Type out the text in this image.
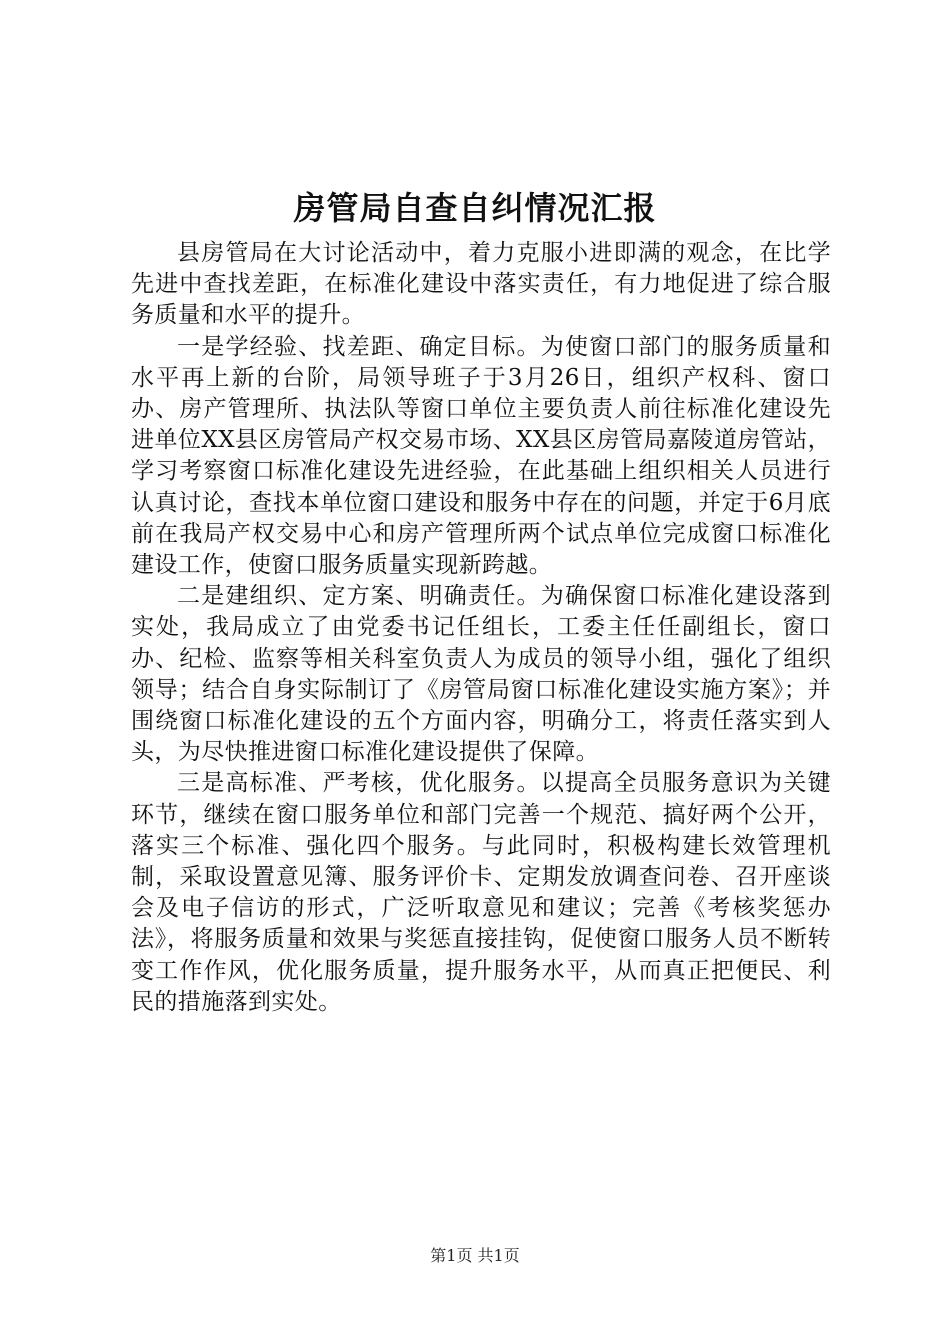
房管局自查自纠情况汇报

县房管局在大讨论活动中，着力克服小进即满的观念，在比学先进中查找差距，在标准化建设中落实责任，有力地促进了综合服务质量和水平的提升。

一是学经验、找差距、确定目标。为使窗口部门的服务质量和水平再上新的台阶，局领导班子于3月26日，组织产权科、窗口办、房产管理所、执法队等窗口单位主要负责人前往标准化建设先进单位XX县区房管局产权交易市场、XX县区房管局嘉陵道房管站，学习考察窗口标准化建设先进经验，在此基础上组织相关人员进行认真讨论，查找本单位窗口建设和服务中存在的问题，并定于6月底前在我局产权交易中心和房产管理所两个试点单位完成窗口标准化建设工作，使窗口服务质量实现新跨越。

二是建组织、定方案、明确责任。为确保窗口标准化建设落到实处，我局成立了由党委书记任组长，工委主任任副组长，窗口办、纪检、监察等相关科室负责人为成员的领导小组，强化了组织领导；结合自身实际制订了《房管局窗口标准化建设实施方案》；并围绕窗口标准化建设的五个方面内容，明确分工，将责任落实到人头，为尽快推进窗口标准化建设提供了保障。

三是高标准、严考核，优化服务。以提高全员服务意识为关键环节，继续在窗口服务单位和部门完善一个规范、搞好两个公开，落实三个标准、强化四个服务。与此同时，积极构建长效管理机制，采取设置意见簿、服务评价卡、定期发放调查问卷、召开座谈会及电子信访的形式，广泛听取意见和建议；完善《考核奖惩办法》，将服务质量和效果与奖惩直接挂钩，促使窗口服务人员不断转变工作作风，优化服务质量，提升服务水平，从而真正把便民、利民的措施落到实处。

第1页 共1页
